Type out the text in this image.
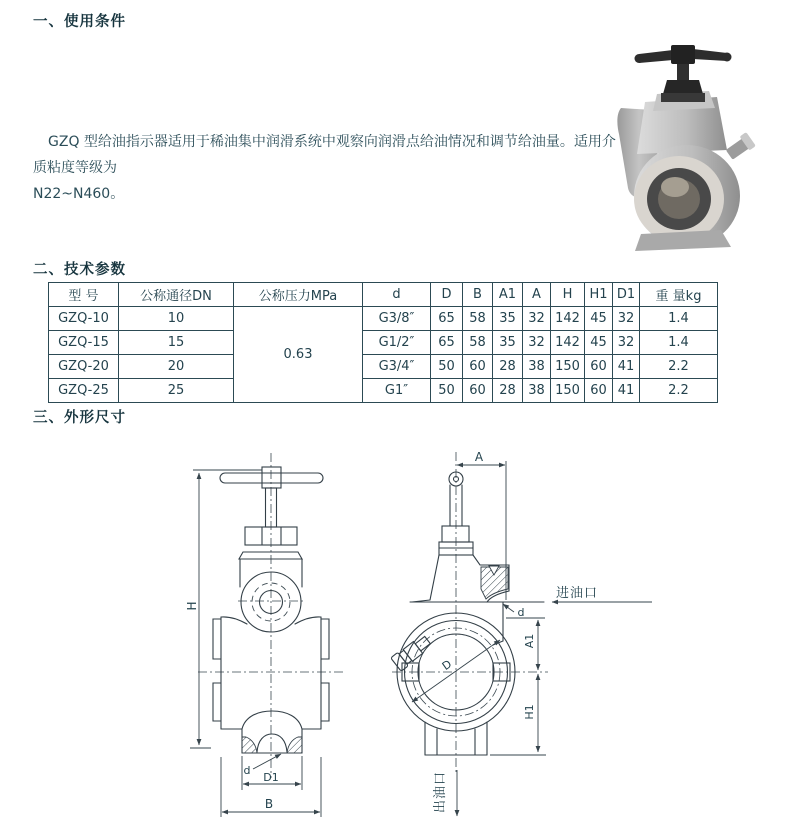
一、使用条件
GZQ 型给油指示器适用于稀油集中润滑系统中观察向润滑点给油情况和调节给油量。适用介质粘度等级为
N22~N460。
二、技术参数
型 号	公称通径DN	公称压力MPa	d	D	B	A1	A	H	H1	D1	重 量kg
GZQ-10	10	0.63	G3/8″	65	58	35	32	142	45	32	1.4
GZQ-15	15		G1/2″	65	58	35	32	142	45	32	1.4
GZQ-20	20		G3/4″	50	60	28	38	150	60	41	2.2
GZQ-25	25		G1″	50	60	28	38	150	60	41	2.2
三、外形尺寸
H
d
D1
B
A
进油口
d
A1
H1
D
出油口
